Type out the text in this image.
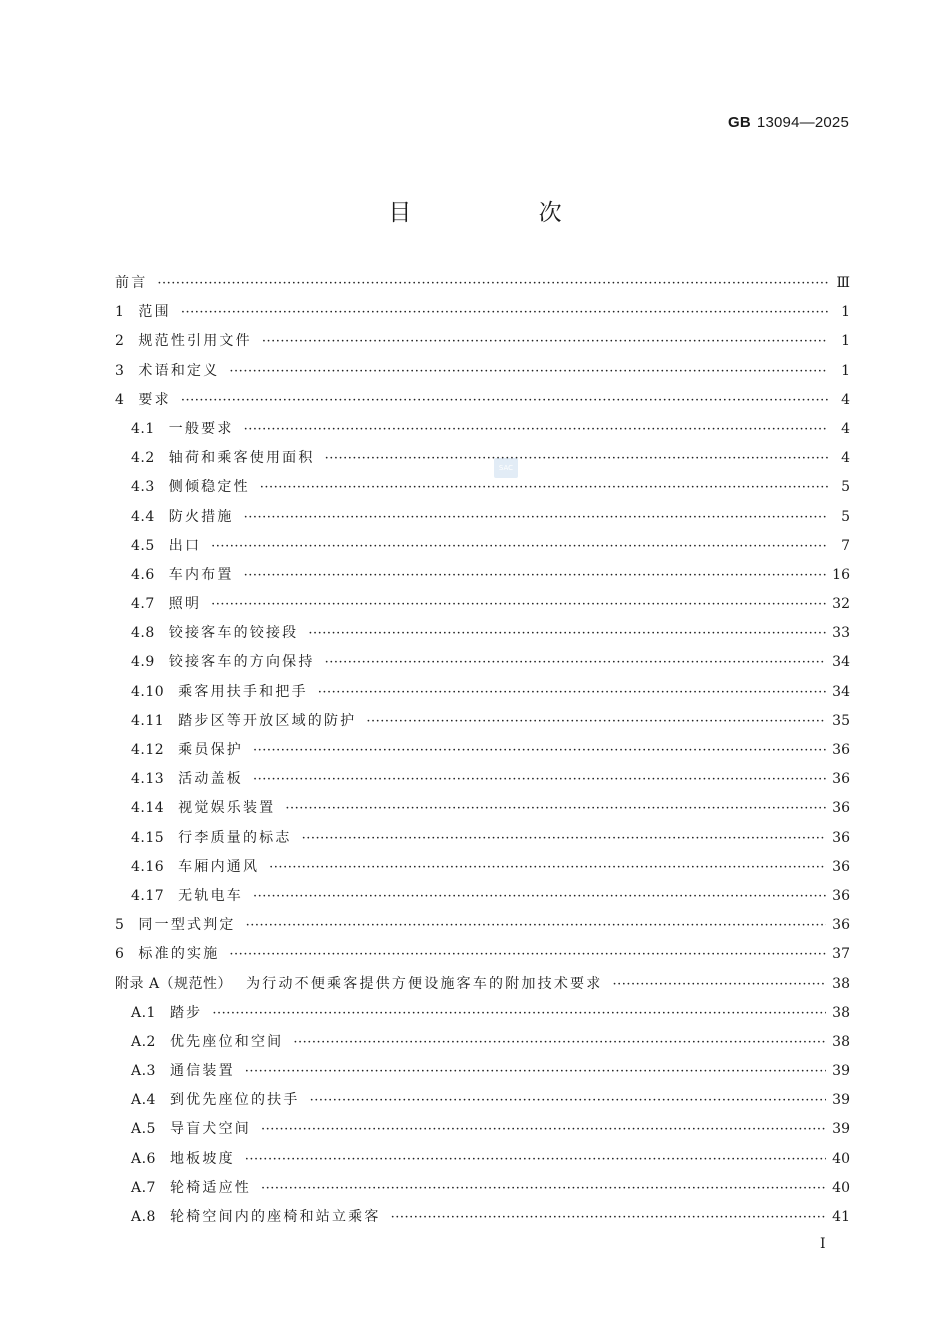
GB 13094—2025
目 次
SAC
前言 ·····	Ⅲ
1 范围 ·····	1
2 规范性引用文件 ·····	1
3 术语和定义 ·····	1
4 要求 ·····	4
4.1 一般要求 ·····	4
4.2 轴荷和乘客使用面积 ·····	4
4.3 侧倾稳定性 ·····	5
4.4 防火措施 ·····	5
4.5 出口 ·····	7
4.6 车内布置 ·····	16
4.7 照明 ·····	32
4.8 铰接客车的铰接段 ·····	33
4.9 铰接客车的方向保持 ·····	34
4.10 乘客用扶手和把手 ·····	34
4.11 踏步区等开放区域的防护 ·····	35
4.12 乘员保护 ·····	36
4.13 活动盖板 ·····	36
4.14 视觉娱乐装置 ·····	36
4.15 行李质量的标志 ·····	36
4.16 车厢内通风 ·····	36
4.17 无轨电车 ·····	36
5 同一型式判定 ·····	36
6 标准的实施 ·····	37
附录 A（规范性） 为行动不便乘客提供方便设施客车的附加技术要求 ·····	38
A.1 踏步 ·····	38
A.2 优先座位和空间 ·····	38
A.3 通信装置 ·····	39
A.4 到优先座位的扶手 ·····	39
A.5 导盲犬空间 ·····	39
A.6 地板坡度 ·····	40
A.7 轮椅适应性 ·····	40
A.8 轮椅空间内的座椅和站立乘客 ·····	41
I
